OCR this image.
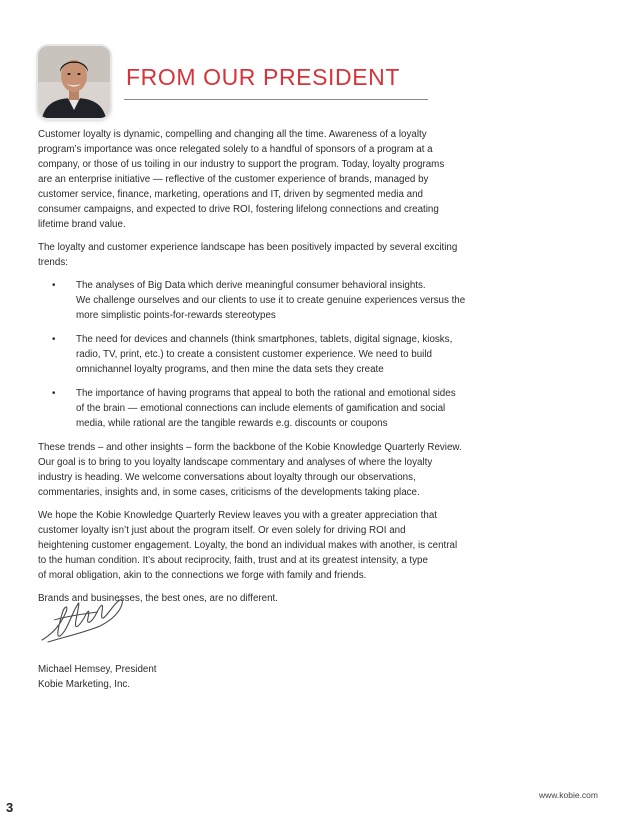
FROM OUR PRESIDENT

Customer loyalty is dynamic, compelling and changing all the time. Awareness of a loyalty
program’s importance was once relegated solely to a handful of sponsors of a program at a
company, or those of us toiling in our industry to support the program. Today, loyalty programs
are an enterprise initiative — reflective of the customer experience of brands, managed by
customer service, finance, marketing, operations and IT, driven by segmented media and
consumer campaigns, and expected to drive ROI, fostering lifelong connections and creating
lifetime brand value.

The loyalty and customer experience landscape has been positively impacted by several exciting
trends:

• The analyses of Big Data which derive meaningful consumer behavioral insights.
We challenge ourselves and our clients to use it to create genuine experiences versus the
more simplistic points-for-rewards stereotypes
• The need for devices and channels (think smartphones, tablets, digital signage, kiosks,
radio, TV, print, etc.) to create a consistent customer experience. We need to build
omnichannel loyalty programs, and then mine the data sets they create
• The importance of having programs that appeal to both the rational and emotional sides
of the brain — emotional connections can include elements of gamification and social
media, while rational are the tangible rewards e.g. discounts or coupons

These trends – and other insights – form the backbone of the Kobie Knowledge Quarterly Review.
Our goal is to bring to you loyalty landscape commentary and analyses of where the loyalty
industry is heading. We welcome conversations about loyalty through our observations,
commentaries, insights and, in some cases, criticisms of the developments taking place.

We hope the Kobie Knowledge Quarterly Review leaves you with a greater appreciation that
customer loyalty isn’t just about the program itself. Or even solely for driving ROI and
heightening customer engagement. Loyalty, the bond an individual makes with another, is central
to the human condition. It’s about reciprocity, faith, trust and at its greatest intensity, a type
of moral obligation, akin to the connections we forge with family and friends.

Brands and businesses, the best ones, are no different.

Michael Hemsey, President
Kobie Marketing, Inc.
www.kobie.com
3
